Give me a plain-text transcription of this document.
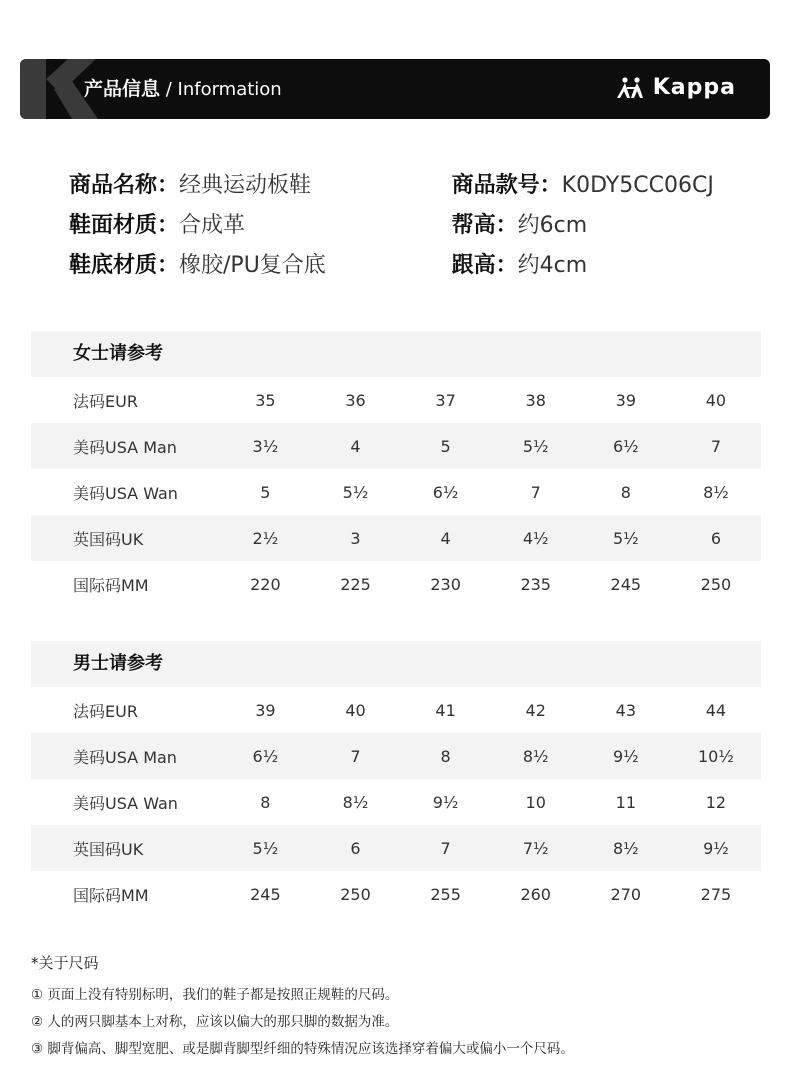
产品信息 / Information	Kappa
商品名称：经典运动板鞋	商品款号：K0DY5CC06CJ
鞋面材质：合成革	帮高：约6cm
鞋底材质：橡胶/PU复合底	跟高：约4cm
女士请参考
法码EUR	35	36	37	38	39	40
美码USA Man	3½	4	5	5½	6½	7
美码USA Wan	5	5½	6½	7	8	8½
英国码UK	2½	3	4	4½	5½	6
国际码MM	220	225	230	235	245	250
男士请参考
法码EUR	39	40	41	42	43	44
美码USA Man	6½	7	8	8½	9½	10½
美码USA Wan	8	8½	9½	10	11	12
英国码UK	5½	6	7	7½	8½	9½
国际码MM	245	250	255	260	270	275
*关于尺码
① 页面上没有特别标明，我们的鞋子都是按照正规鞋的尺码。
② 人的两只脚基本上对称，应该以偏大的那只脚的数据为准。
③ 脚背偏高、脚型宽肥、或是脚背脚型纤细的特殊情况应该选择穿着偏大或偏小一个尺码。
